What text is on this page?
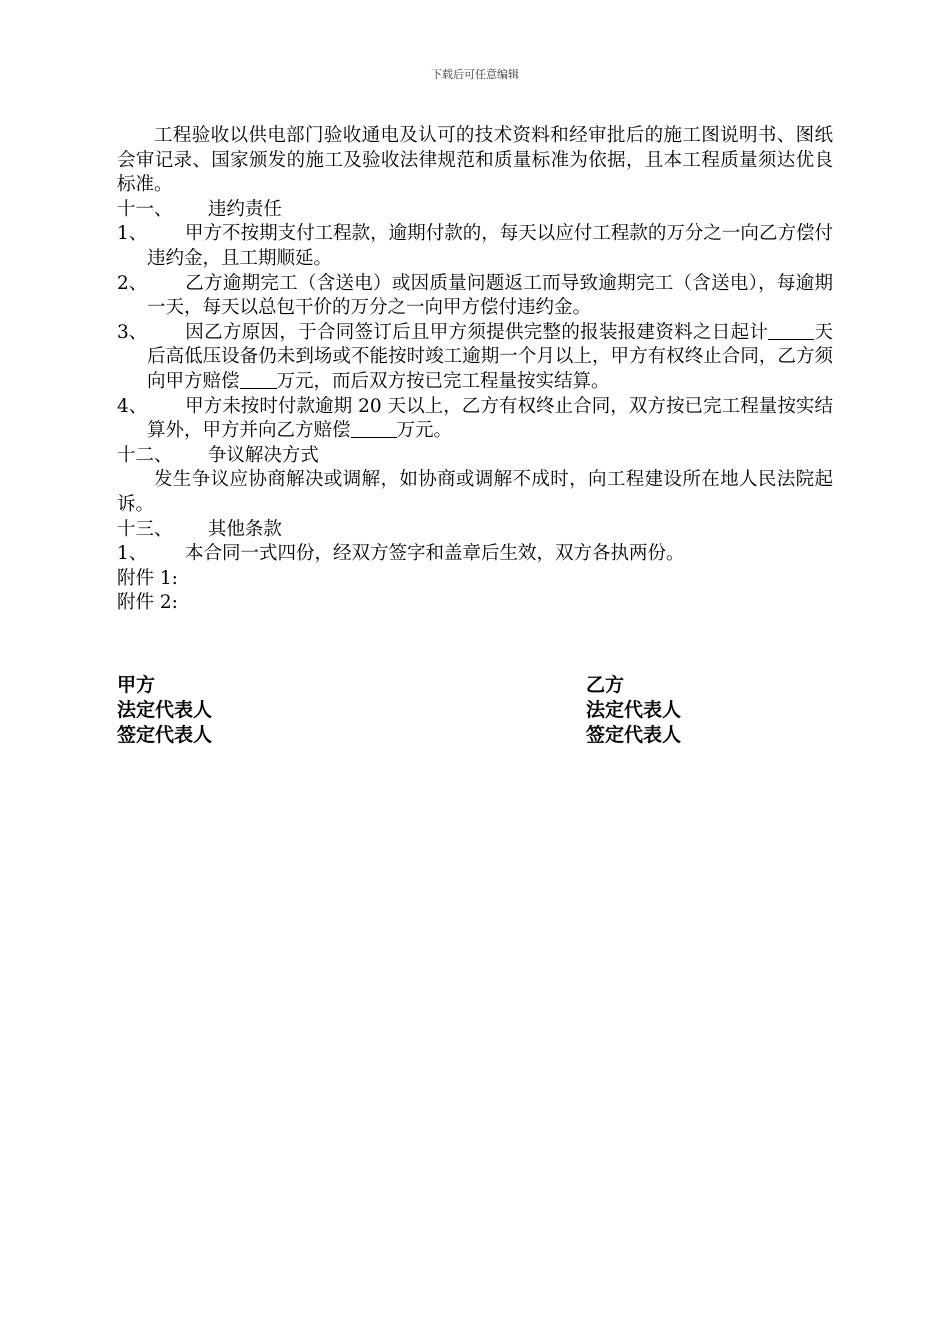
下载后可任意编辑

工程验收以供电部门验收通电及认可的技术资料和经审批后的施工图说明书、图纸会审记录、国家颁发的施工及验收法律规范和质量标准为依据，且本工程质量须达优良标准。

十一、 违约责任

1、 甲方不按期支付工程款，逾期付款的，每天以应付工程款的万分之一向乙方偿付违约金，且工期顺延。

2、 乙方逾期完工（含送电）或因质量问题返工而导致逾期完工（含送电），每逾期一天，每天以总包干价的万分之一向甲方偿付违约金。

3、 因乙方原因，于合同签订后且甲方须提供完整的报装报建资料之日起计 天后高低压设备仍未到场或不能按时竣工逾期一个月以上，甲方有权终止合同，乙方须向甲方赔偿 万元，而后双方按已完工程量按实结算。

4、 甲方未按时付款逾期 20 天以上，乙方有权终止合同，双方按已完工程量按实结算外，甲方并向乙方赔偿 万元。

十二、 争议解决方式

发生争议应协商解决或调解，如协商或调解不成时，向工程建设所在地人民法院起诉。

十三、 其他条款

1、 本合同一式四份，经双方签字和盖章后生效，双方各执两份。

附件 1:

附件 2:

甲方
法定代表人
签定代表人
乙方
法定代表人
签定代表人
